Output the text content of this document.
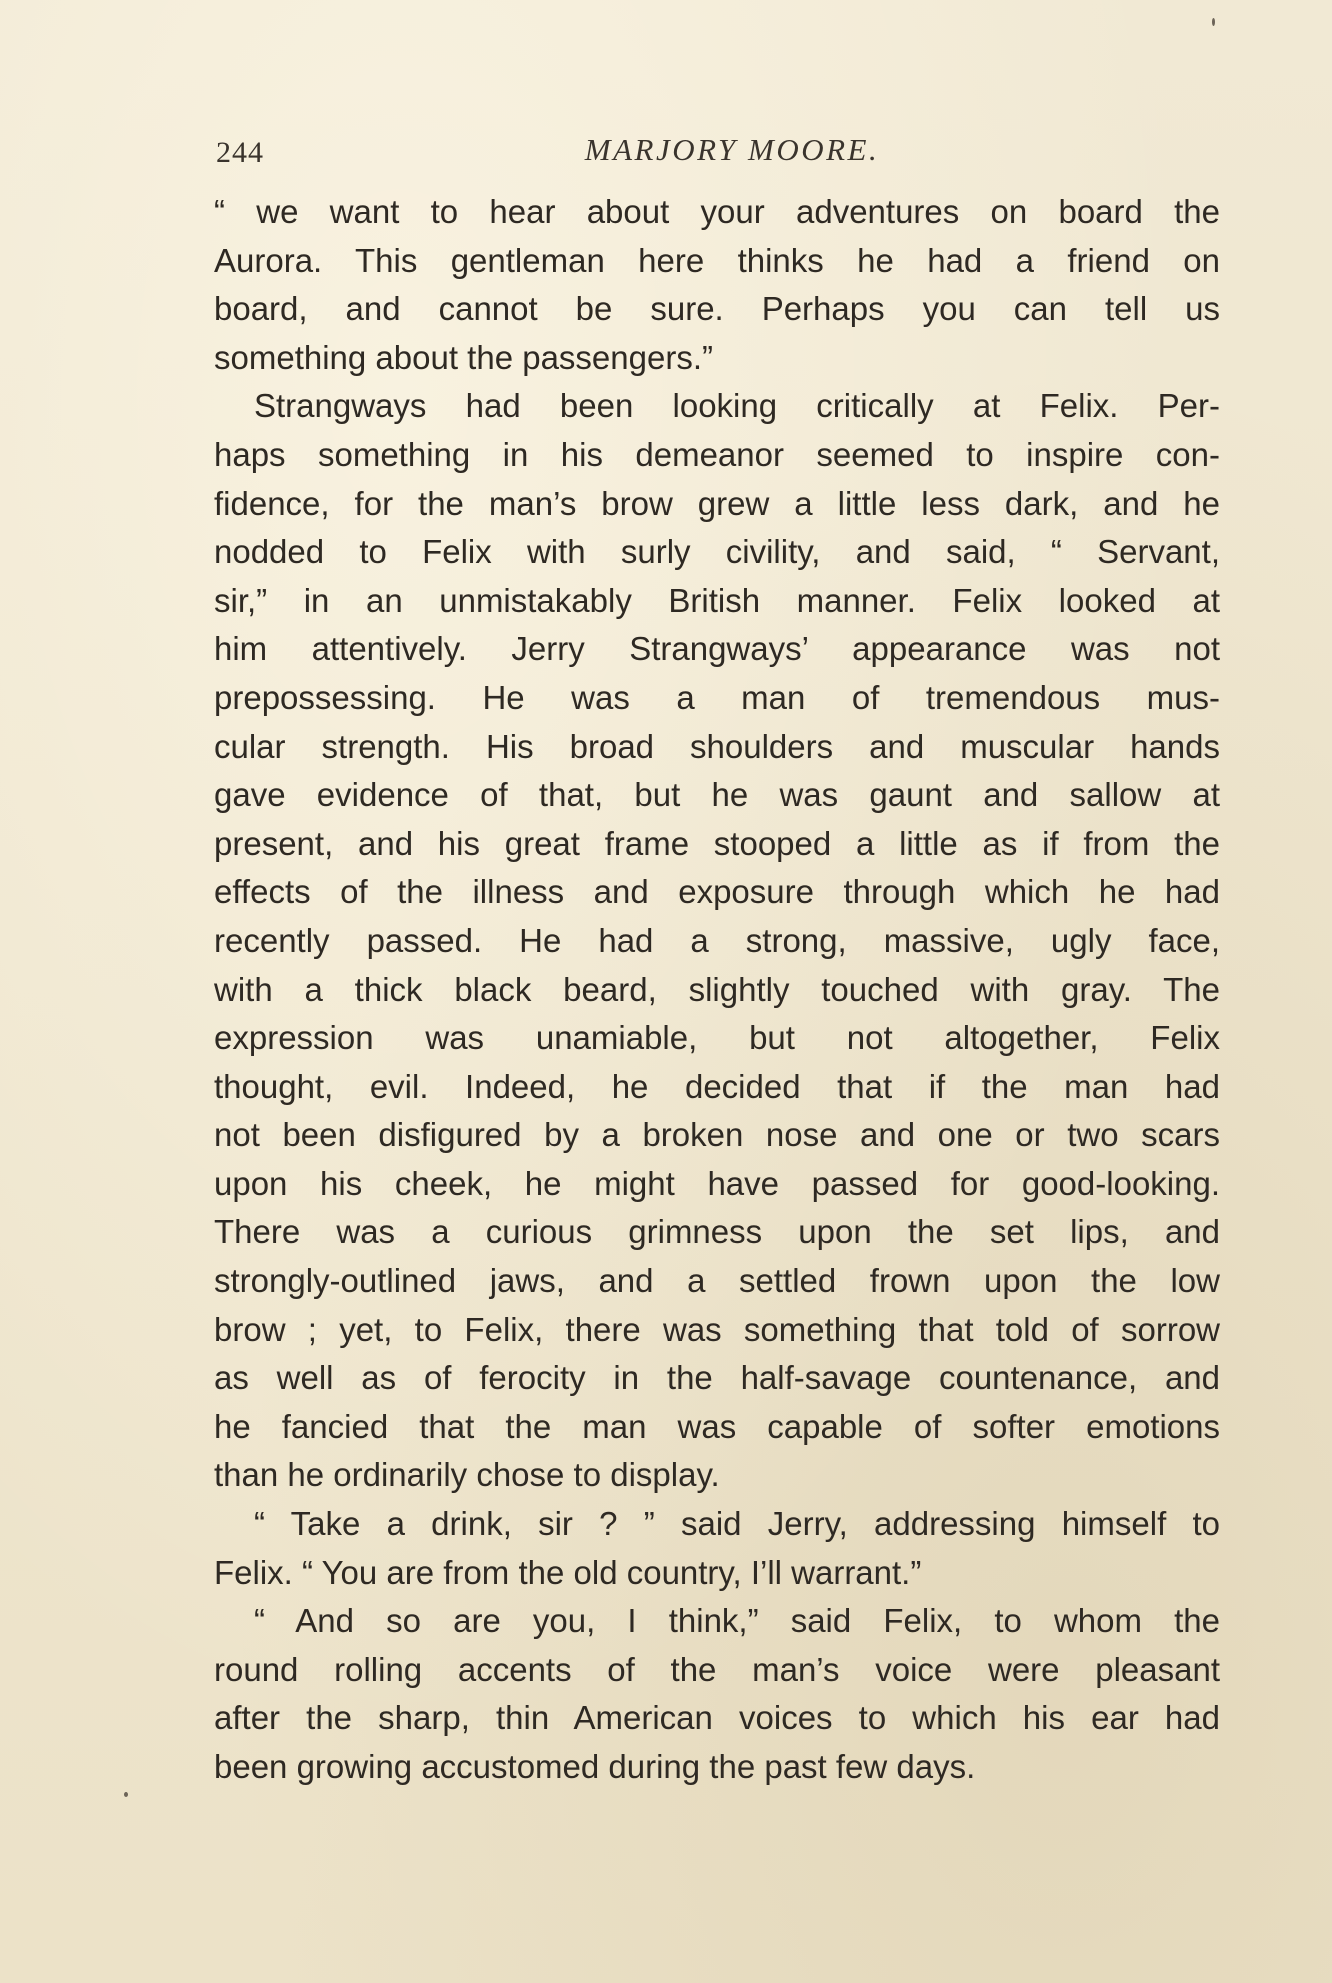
244	MARJORY MOORE.
“ we want to hear about your adventures on board the
Aurora. This gentleman here thinks he had a friend on
board, and cannot be sure. Perhaps you can tell us
something about the passengers.”
Strangways had been looking critically at Felix. Per-
haps something in his demeanor seemed to inspire con-
fidence, for the man’s brow grew a little less dark, and he
nodded to Felix with surly civility, and said, “ Servant,
sir,” in an unmistakably British manner. Felix looked at
him attentively. Jerry Strangways’ appearance was not
prepossessing. He was a man of tremendous mus-
cular strength. His broad shoulders and muscular hands
gave evidence of that, but he was gaunt and sallow at
present, and his great frame stooped a little as if from the
effects of the illness and exposure through which he had
recently passed. He had a strong, massive, ugly face,
with a thick black beard, slightly touched with gray. The
expression was unamiable, but not altogether, Felix
thought, evil. Indeed, he decided that if the man had
not been disfigured by a broken nose and one or two scars
upon his cheek, he might have passed for good-looking.
There was a curious grimness upon the set lips, and
strongly-outlined jaws, and a settled frown upon the low
brow ; yet, to Felix, there was something that told of sorrow
as well as of ferocity in the half-savage countenance, and
he fancied that the man was capable of softer emotions
than he ordinarily chose to display.
“ Take a drink, sir ? ” said Jerry, addressing himself to
Felix. “ You are from the old country, I’ll warrant.”
“ And so are you, I think,” said Felix, to whom the
round rolling accents of the man’s voice were pleasant
after the sharp, thin American voices to which his ear had
been growing accustomed during the past few days.
